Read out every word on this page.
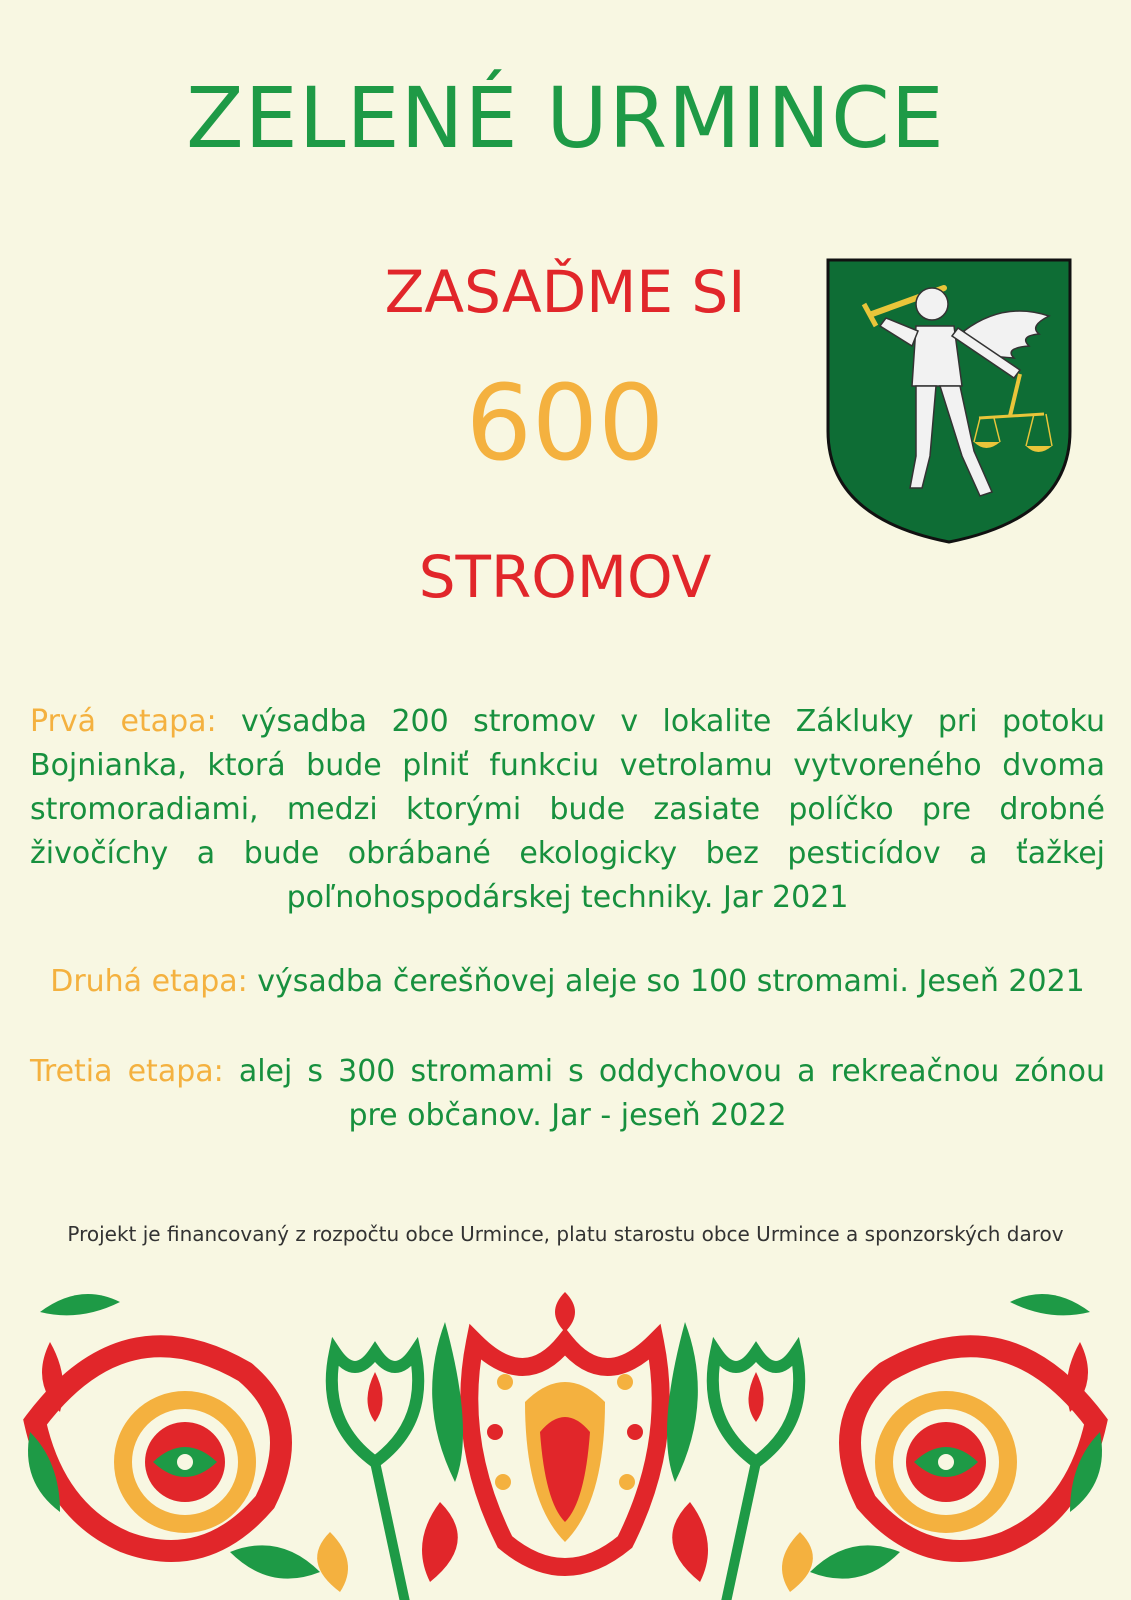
ZELENÉ URMINCE
ZASAĎME SI
600
STROMOV
Prvá etapa: výsadba 200 stromov v lokalite Zákluky pri potoku Bojnianka, ktorá bude plniť funkciu vetrolamu vytvoreného dvoma stromoradiami, medzi ktorými bude zasiate políčko pre drobné živočíchy a bude obrábané ekologicky bez pesticídov a ťažkej poľnohospodárskej techniky. Jar 2021
Druhá etapa: výsadba čerešňovej aleje so 100 stromami. Jeseň 2021
Tretia etapa: alej s 300 stromami s oddychovou a rekreačnou zónou pre občanov. Jar - jeseň 2022
Projekt je financovaný z rozpočtu obce Urmince, platu starostu obce Urmince a sponzorských darov
